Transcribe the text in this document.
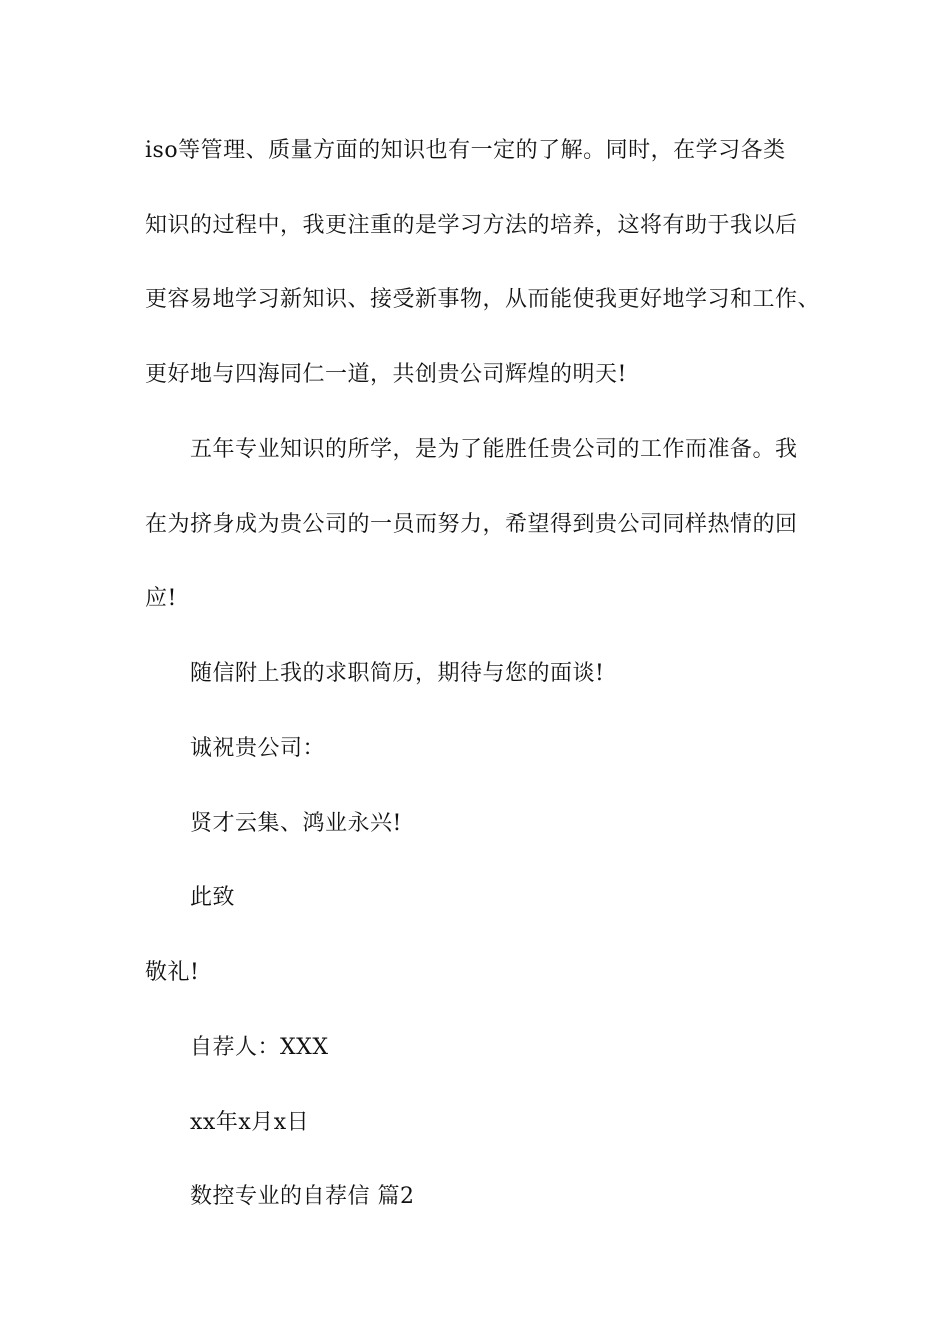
iso等管理、质量方面的知识也有一定的了解。同时，在学习各类
知识的过程中，我更注重的是学习方法的培养，这将有助于我以后
更容易地学习新知识、接受新事物，从而能使我更好地学习和工作、
更好地与四海同仁一道，共创贵公司辉煌的明天!
五年专业知识的所学，是为了能胜任贵公司的工作而准备。我
在为挤身成为贵公司的一员而努力，希望得到贵公司同样热情的回
应!
随信附上我的求职简历，期待与您的面谈!
诚祝贵公司：
贤才云集、鸿业永兴!
此致
敬礼!
自荐人：XXX
xx年x月x日
数控专业的自荐信 篇2
